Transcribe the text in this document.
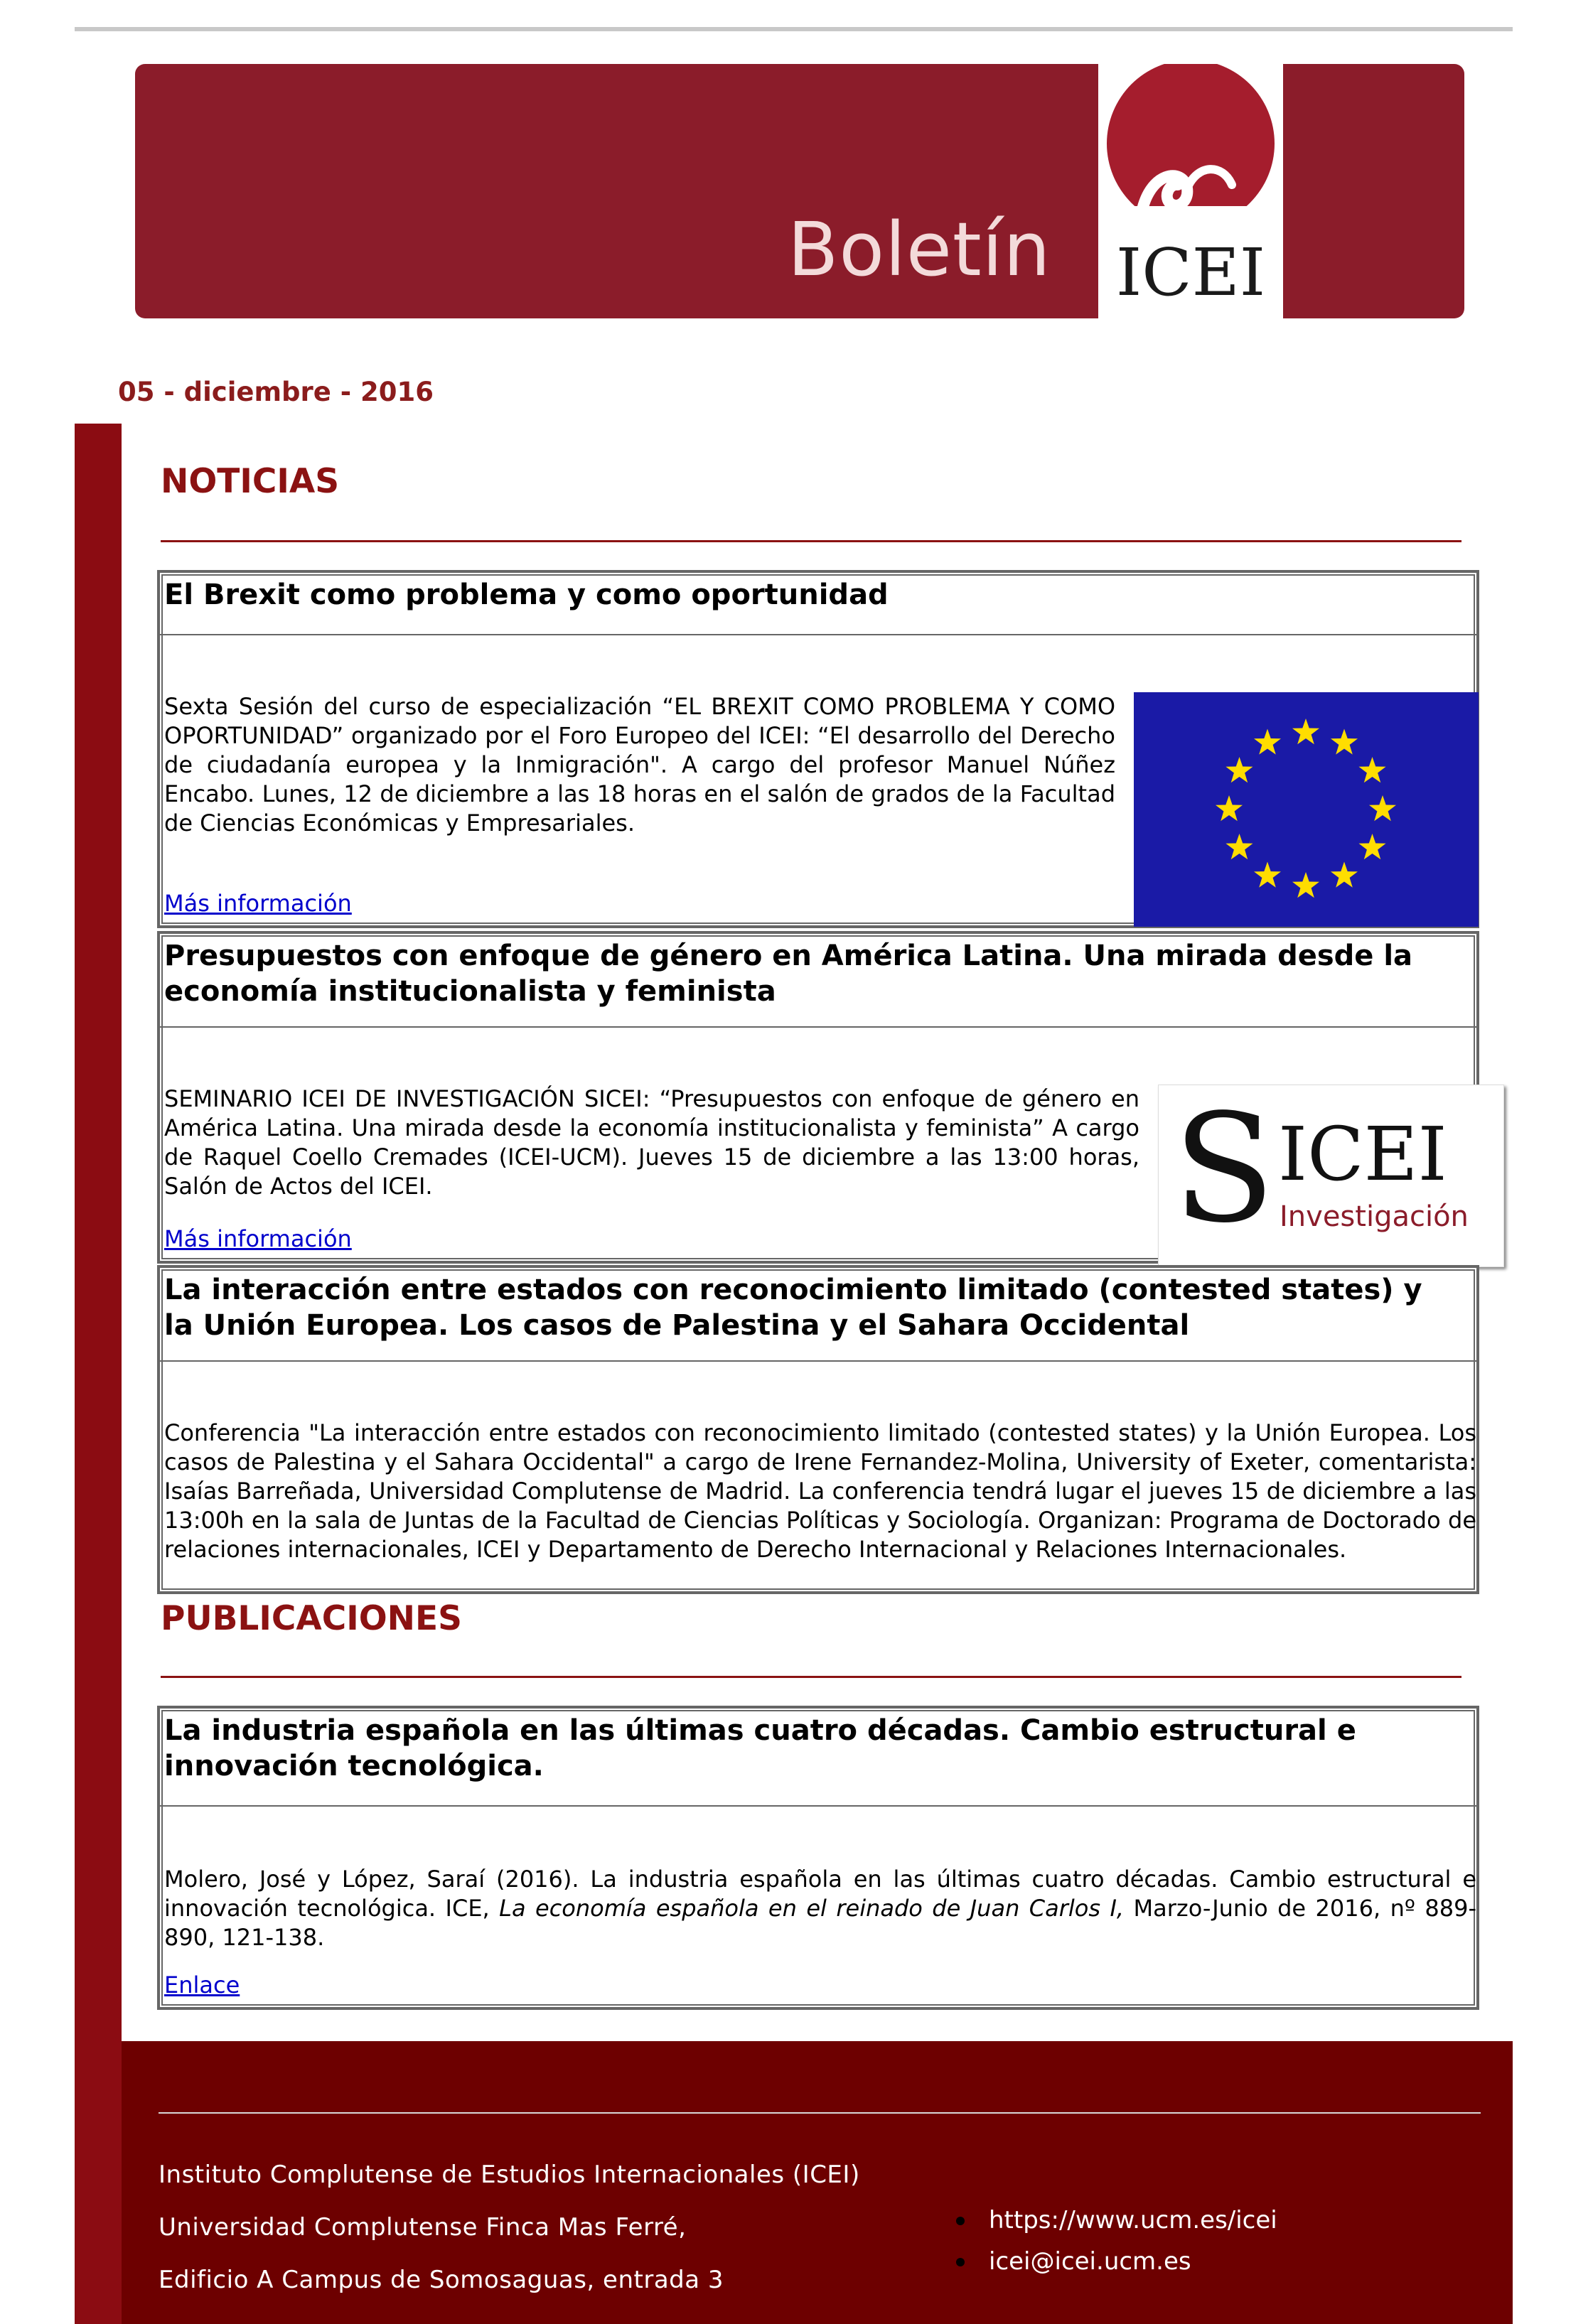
Boletín ICEI
05 - diciembre - 2016
NOTICIAS
El Brexit como problema y como oportunidad
Sexta Sesión del curso de especialización “EL BREXIT COMO PROBLEMA Y COMO OPORTUNIDAD” organizado por el Foro Europeo del ICEI: “El desarrollo del Derecho de ciudadanía europea y la Inmigración". A cargo del profesor Manuel Núñez Encabo. Lunes, 12 de diciembre a las 18 horas en el salón de grados de la Facultad de Ciencias Económicas y Empresariales.
Más información
Presupuestos con enfoque de género en América Latina. Una mirada desde la economía institucionalista y feminista
SEMINARIO ICEI DE INVESTIGACIÓN SICEI: “Presupuestos con enfoque de género en América Latina. Una mirada desde la economía institucionalista y feminista” A cargo de Raquel Coello Cremades (ICEI-UCM). Jueves 15 de diciembre a las 13:00 horas, Salón de Actos del ICEI.
Más información	S ICEI
Investigación
La interacción entre estados con reconocimiento limitado (contested states) y la Unión Europea. Los casos de Palestina y el Sahara Occidental
Conferencia "La interacción entre estados con reconocimiento limitado (contested states) y la Unión Europea. Los casos de Palestina y el Sahara Occidental" a cargo de Irene Fernandez-Molina, University of Exeter, comentarista: Isaías Barreñada, Universidad Complutense de Madrid. La conferencia tendrá lugar el jueves 15 de diciembre a las 13:00h en la sala de Juntas de la Facultad de Ciencias Políticas y Sociología. Organizan: Programa de Doctorado de relaciones internacionales, ICEI y Departamento de Derecho Internacional y Relaciones Internacionales.
PUBLICACIONES
La industria española en las últimas cuatro décadas. Cambio estructural e innovación tecnológica.
Molero, José y López, Saraí (2016). La industria española en las últimas cuatro décadas. Cambio estructural e innovación tecnológica. ICE, La economía española en el reinado de Juan Carlos I, Marzo-Junio de 2016, nº 889-890, 121-138.
Enlace
Instituto Complutense de Estudios Internacionales (ICEI)
Universidad Complutense Finca Mas Ferré,
Edificio A Campus de Somosaguas, entrada 3
https://www.ucm.es/icei
icei@icei.ucm.es
